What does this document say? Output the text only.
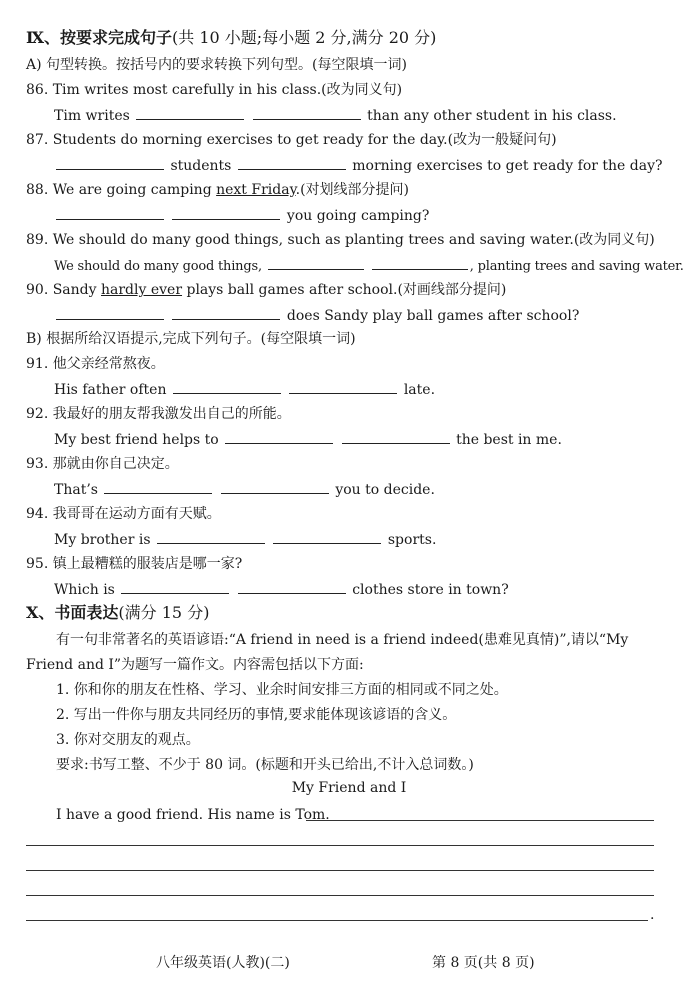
Ⅸ、按要求完成句子(共 10 小题;每小题 2 分,满分 20 分)
A) 句型转换。按括号内的要求转换下列句型。(每空限填一词)
86. Tim writes most carefully in his class.(改为同义句)
Tim writes	than any other student in his class.
87. Students do morning exercises to get ready for the day.(改为一般疑问句)
students	morning exercises to get ready for the day?
88. We are going camping next Friday.(对划线部分提问)
you going camping?
89. We should do many good things, such as planting trees and saving water.(改为同义句)
We should do many good things,	, planting trees and saving water.
90. Sandy hardly ever plays ball games after school.(对画线部分提问)
does Sandy play ball games after school?
B) 根据所给汉语提示,完成下列句子。(每空限填一词)
91. 他父亲经常熬夜。
His father often	late.
92. 我最好的朋友帮我激发出自己的所能。
My best friend helps to	the best in me.
93. 那就由你自己决定。
That’s	you to decide.
94. 我哥哥在运动方面有天赋。
My brother is	sports.
95. 镇上最糟糕的服装店是哪一家?
Which is	clothes store in town?
Ⅹ、书面表达(满分 15 分)
有一句非常著名的英语谚语:“A friend in need is a friend indeed(患难见真情)”,请以“My
Friend and I”为题写一篇作文。内容需包括以下方面:
1. 你和你的朋友在性格、学习、业余时间安排三方面的相同或不同之处。
2. 写出一件你与朋友共同经历的事情,要求能体现该谚语的含义。
3. 你对交朋友的观点。
要求:书写工整、不少于 80 词。(标题和开头已给出,不计入总词数。)
My Friend and I
I have a good friend. His name is Tom.
.
八年级英语(人教)(二)	第 8 页(共 8 页)
